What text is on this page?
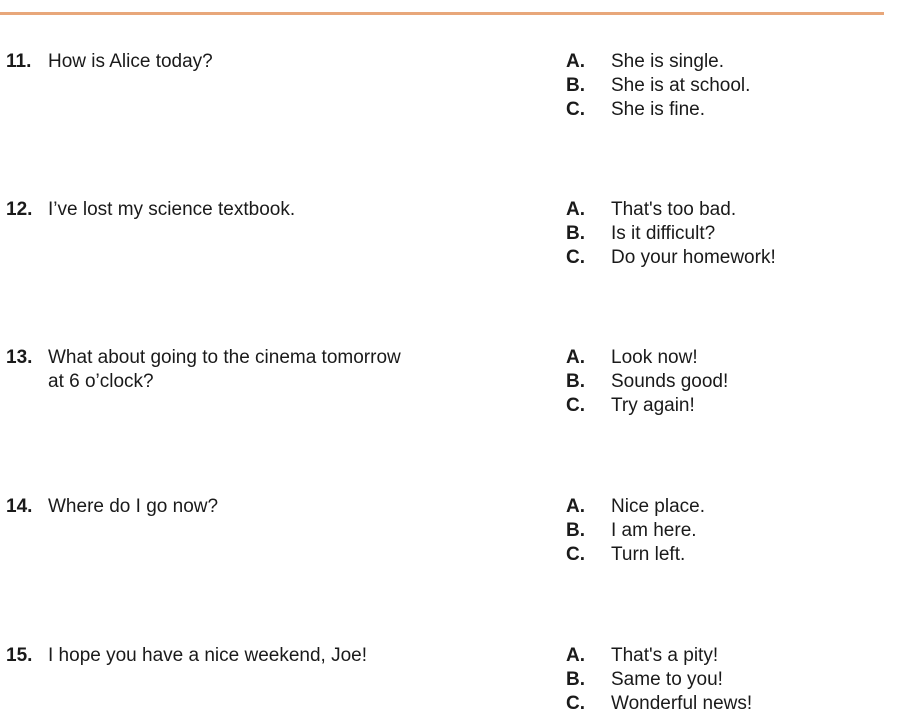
11. How is Alice today?	A. She is single.
B. She is at school.
C. She is fine.
12. I’ve lost my science textbook.	A. That's too bad.
B. Is it difficult?
C. Do your homework!
13. What about going to the cinema tomorrow
at 6 o’clock?
A. Look now!
B. Sounds good!
C. Try again!
14. Where do I go now?	A. Nice place.
B. I am here.
C. Turn left.
15. I hope you have a nice weekend, Joe!	A. That's a pity!
B. Same to you!
C. Wonderful news!
